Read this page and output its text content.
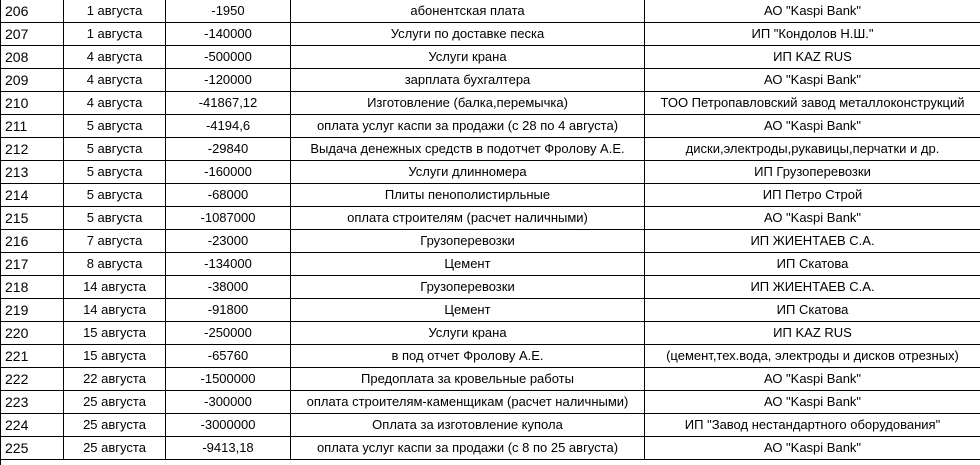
206	1 августа	-1950	абонентская плата	АО "Kaspi Bank"
207	1 августа	-140000	Услуги по доставке песка	ИП "Кондолов Н.Ш."
208	4 августа	-500000	Услуги крана	ИП KAZ RUS
209	4 августа	-120000	зарплата бухгалтера	АО "Kaspi Bank"
210	4 августа	-41867,12	Изготовление (балка,перемычка)	ТОО Петропавловский завод металлоконструкций
211	5 августа	-4194,6	оплата услуг каспи за продажи (с 28 по 4 августа)	АО "Kaspi Bank"
212	5 августа	-29840	Выдача денежных средств в подотчет Фролову А.Е.	диски,электроды,рукавицы,перчатки и др.
213	5 августа	-160000	Услуги длинномера	ИП Грузоперевозки
214	5 августа	-68000	Плиты пенополистирльные	ИП Петро Строй
215	5 августа	-1087000	оплата строителям (расчет наличными)	АО "Kaspi Bank"
216	7 августа	-23000	Грузоперевозки	ИП ЖИЕНТАЕВ С.А.
217	8 августа	-134000	Цемент	ИП Скатова
218	14 августа	-38000	Грузоперевозки	ИП ЖИЕНТАЕВ С.А.
219	14 августа	-91800	Цемент	ИП Скатова
220	15 августа	-250000	Услуги крана	ИП KAZ RUS
221	15 августа	-65760	в под отчет Фролову А.Е.	(цемент,тех.вода, электроды и дисков отрезных)
222	22 августа	-1500000	Предоплата за кровельные работы	АО "Kaspi Bank"
223	25 августа	-300000	оплата строителям-каменщикам (расчет наличными)	АО "Kaspi Bank"
224	25 августа	-3000000	Оплата за изготовление купола	ИП "Завод нестандартного оборудования"
225	25 августа	-9413,18	оплата услуг каспи за продажи (с 8 по 25 августа)	АО "Kaspi Bank"
